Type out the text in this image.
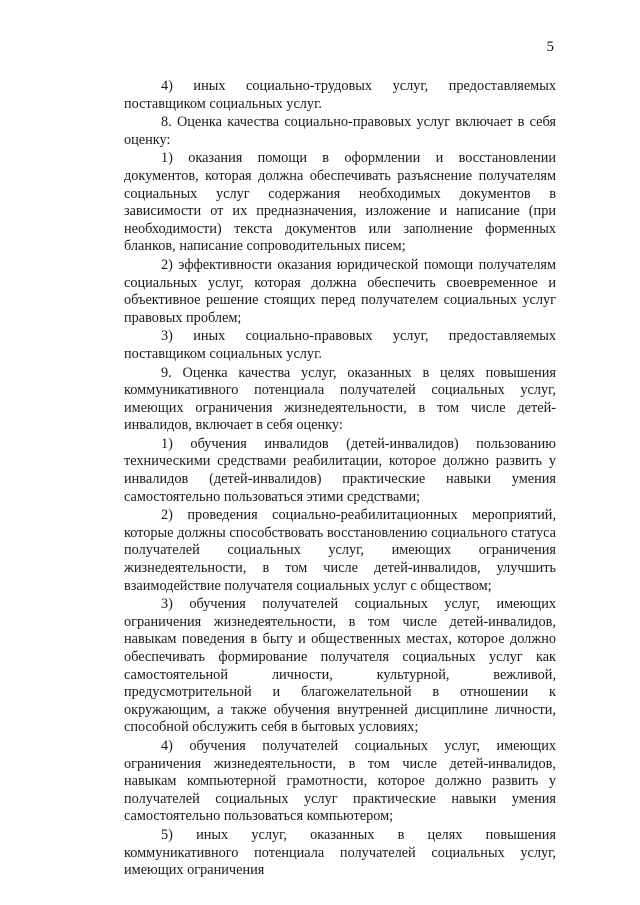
5

4) иных социально-трудовых услуг, предоставляемых поставщиком социальных услуг.

8. Оценка качества социально-правовых услуг включает в себя оценку:

1) оказания помощи в оформлении и восстановлении документов, которая должна обеспечивать разъяснение получателям социальных услуг содержания необходимых документов в зависимости от их предназначения, изложение и написание (при необходимости) текста документов или заполнение форменных бланков, написание сопроводительных писем;

2) эффективности оказания юридической помощи получателям социальных услуг, которая должна обеспечить своевременное и объективное решение стоящих перед получателем социальных услуг правовых проблем;

3) иных социально-правовых услуг, предоставляемых поставщиком социальных услуг.

9. Оценка качества услуг, оказанных в целях повышения коммуникативного потенциала получателей социальных услуг, имеющих ограничения жизнедеятельности, в том числе детей-инвалидов, включает в себя оценку:

1) обучения инвалидов (детей-инвалидов) пользованию техническими средствами реабилитации, которое должно развить у инвалидов (детей-инвалидов) практические навыки умения самостоятельно пользоваться этими средствами;

2) проведения социально-реабилитационных мероприятий, которые должны способствовать восстановлению социального статуса получателей социальных услуг, имеющих ограничения жизнедеятельности, в том числе детей-инвалидов, улучшить взаимодействие получателя социальных услуг с обществом;

3) обучения получателей социальных услуг, имеющих ограничения жизнедеятельности, в том числе детей-инвалидов, навыкам поведения в быту и общественных местах, которое должно обеспечивать формирование получателя социальных услуг как самостоятельной личности, культурной, вежливой, предусмотрительной и благожелательной в отношении к окружающим, а также обучения внутренней дисциплине личности, способной обслужить себя в бытовых условиях;

4) обучения получателей социальных услуг, имеющих ограничения жизнедеятельности, в том числе детей-инвалидов, навыкам компьютерной грамотности, которое должно развить у получателей социальных услуг практические навыки умения самостоятельно пользоваться компьютером;

5) иных услуг, оказанных в целях повышения коммуникативного потенциала получателей социальных услуг, имеющих ограничения
